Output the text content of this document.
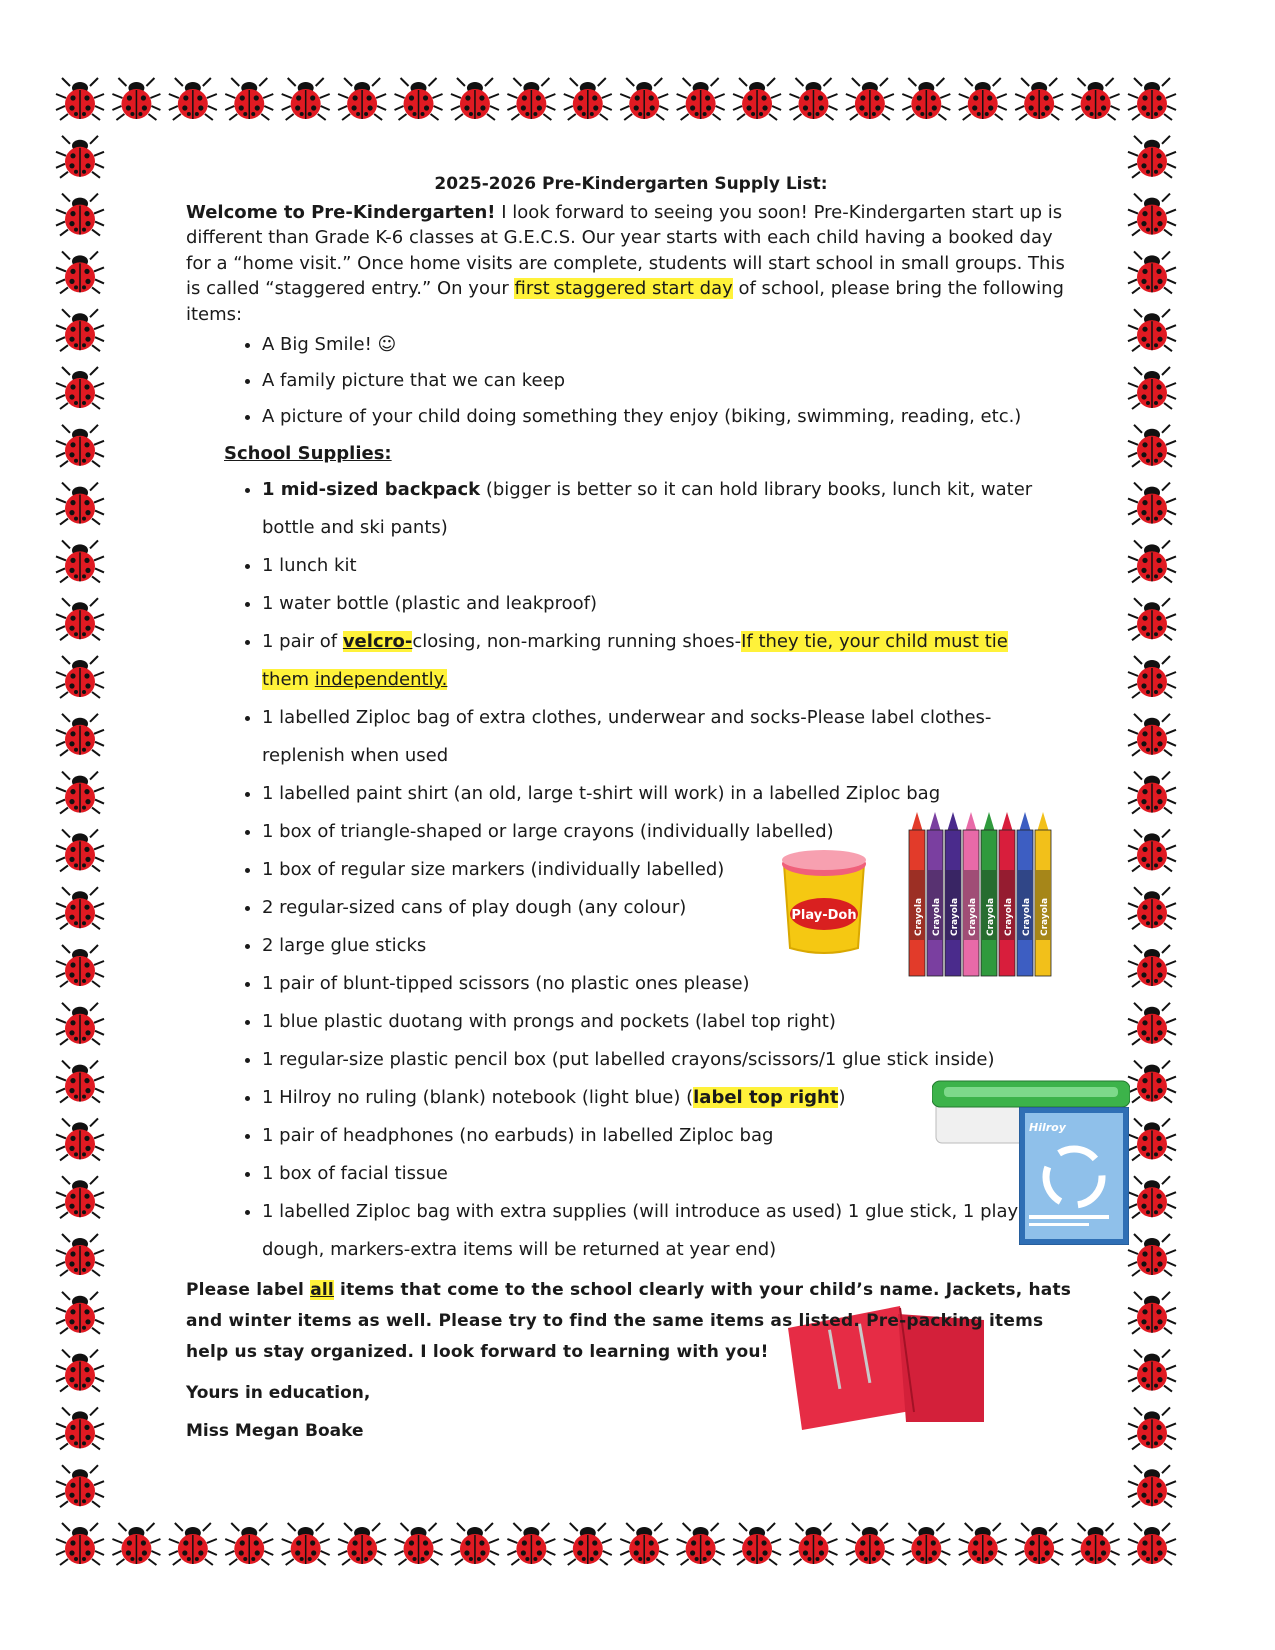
Play-Doh	Crayola Crayola Crayola Crayola Crayola Crayola Crayola Crayola
Hilroy

2025-2026 Pre-Kindergarten Supply List:

Welcome to Pre-Kindergarten! I look forward to seeing you soon! Pre-Kindergarten start up is different than Grade K-6 classes at G.E.C.S. Our year starts with each child having a booked day for a “home visit.” Once home visits are complete, students will start school in small groups. This is called “staggered entry.” On your first staggered start day of school, please bring the following items:

• A Big Smile! ☺
• A family picture that we can keep
• A picture of your child doing something they enjoy (biking, swimming, reading, etc.)

School Supplies:

• 1 mid-sized backpack (bigger is better so it can hold library books, lunch kit, water bottle and ski pants)
• 1 lunch kit
• 1 water bottle (plastic and leakproof)
• 1 pair of velcro-closing, non-marking running shoes-If they tie, your child must tie them independently.
• 1 labelled Ziploc bag of extra clothes, underwear and socks-Please label clothes-replenish when used
• 1 labelled paint shirt (an old, large t-shirt will work) in a labelled Ziploc bag
• 1 box of triangle-shaped or large crayons (individually labelled)
• 1 box of regular size markers (individually labelled)
• 2 regular-sized cans of play dough (any colour)
• 2 large glue sticks
• 1 pair of blunt-tipped scissors (no plastic ones please)
• 1 blue plastic duotang with prongs and pockets (label top right)
• 1 regular-size plastic pencil box (put labelled crayons/scissors/1 glue stick inside)
• 1 Hilroy no ruling (blank) notebook (light blue) (label top right)
• 1 pair of headphones (no earbuds) in labelled Ziploc bag
• 1 box of facial tissue
• 1 labelled Ziploc bag with extra supplies (will introduce as used) 1 glue stick, 1 play dough, markers-extra items will be returned at year end)

Please label all items that come to the school clearly with your child’s name. Jackets, hats and winter items as well. Please try to find the same items as listed. Pre-packing items help us stay organized. I look forward to learning with you!

Yours in education,

Miss Megan Boake
